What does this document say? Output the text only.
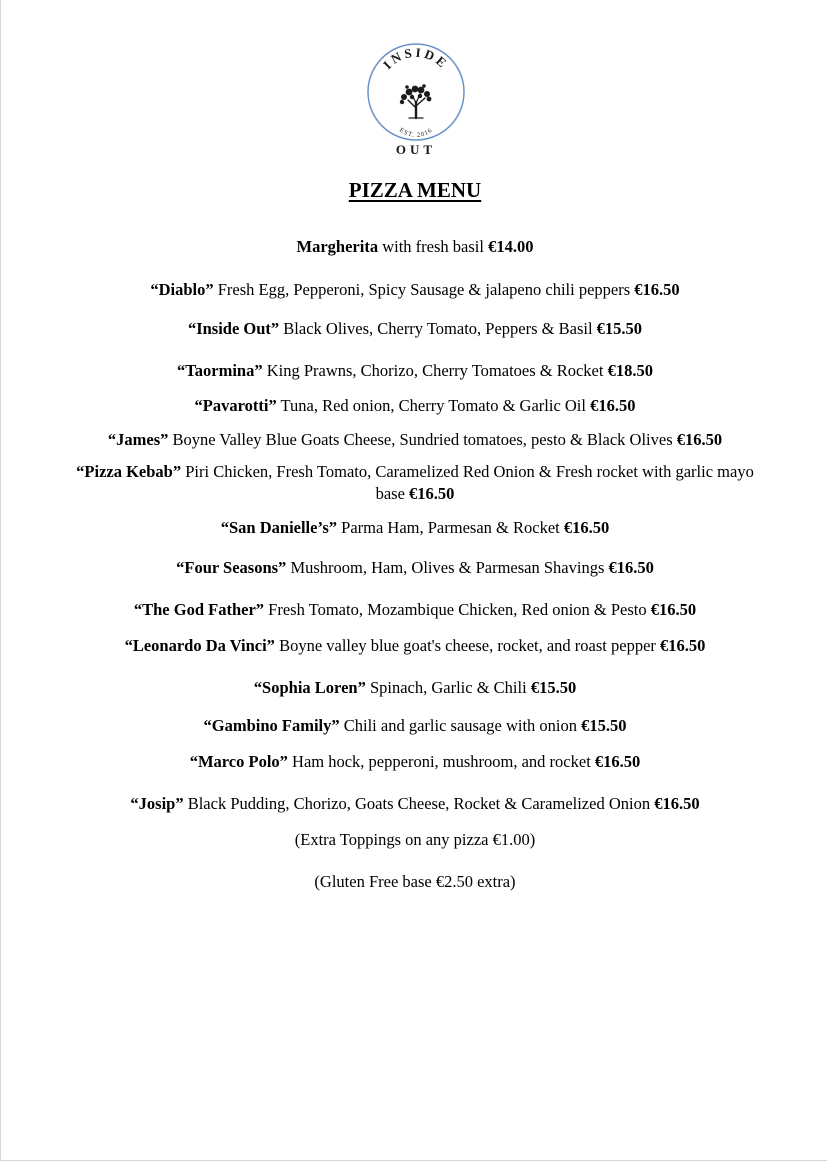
INSIDE
EST. 2016
OUT
PIZZA MENU
Margherita with fresh basil €14.00
“Diablo” Fresh Egg, Pepperoni, Spicy Sausage & jalapeno chili peppers €16.50
“Inside Out” Black Olives, Cherry Tomato, Peppers & Basil €15.50
“Taormina” King Prawns, Chorizo, Cherry Tomatoes & Rocket €18.50
“Pavarotti” Tuna, Red onion, Cherry Tomato & Garlic Oil €16.50
“James” Boyne Valley Blue Goats Cheese, Sundried tomatoes, pesto & Black Olives €16.50
“Pizza Kebab” Piri Chicken, Fresh Tomato, Caramelized Red Onion & Fresh rocket with garlic mayo base €16.50
“San Danielle’s” Parma Ham, Parmesan & Rocket €16.50
“Four Seasons” Mushroom, Ham, Olives & Parmesan Shavings €16.50
“The God Father” Fresh Tomato, Mozambique Chicken, Red onion & Pesto €16.50
“Leonardo Da Vinci” Boyne valley blue goat's cheese, rocket, and roast pepper €16.50
“Sophia Loren” Spinach, Garlic & Chili €15.50
“Gambino Family” Chili and garlic sausage with onion €15.50
“Marco Polo” Ham hock, pepperoni, mushroom, and rocket €16.50
“Josip” Black Pudding, Chorizo, Goats Cheese, Rocket & Caramelized Onion €16.50
(Extra Toppings on any pizza €1.00)
(Gluten Free base €2.50 extra)
